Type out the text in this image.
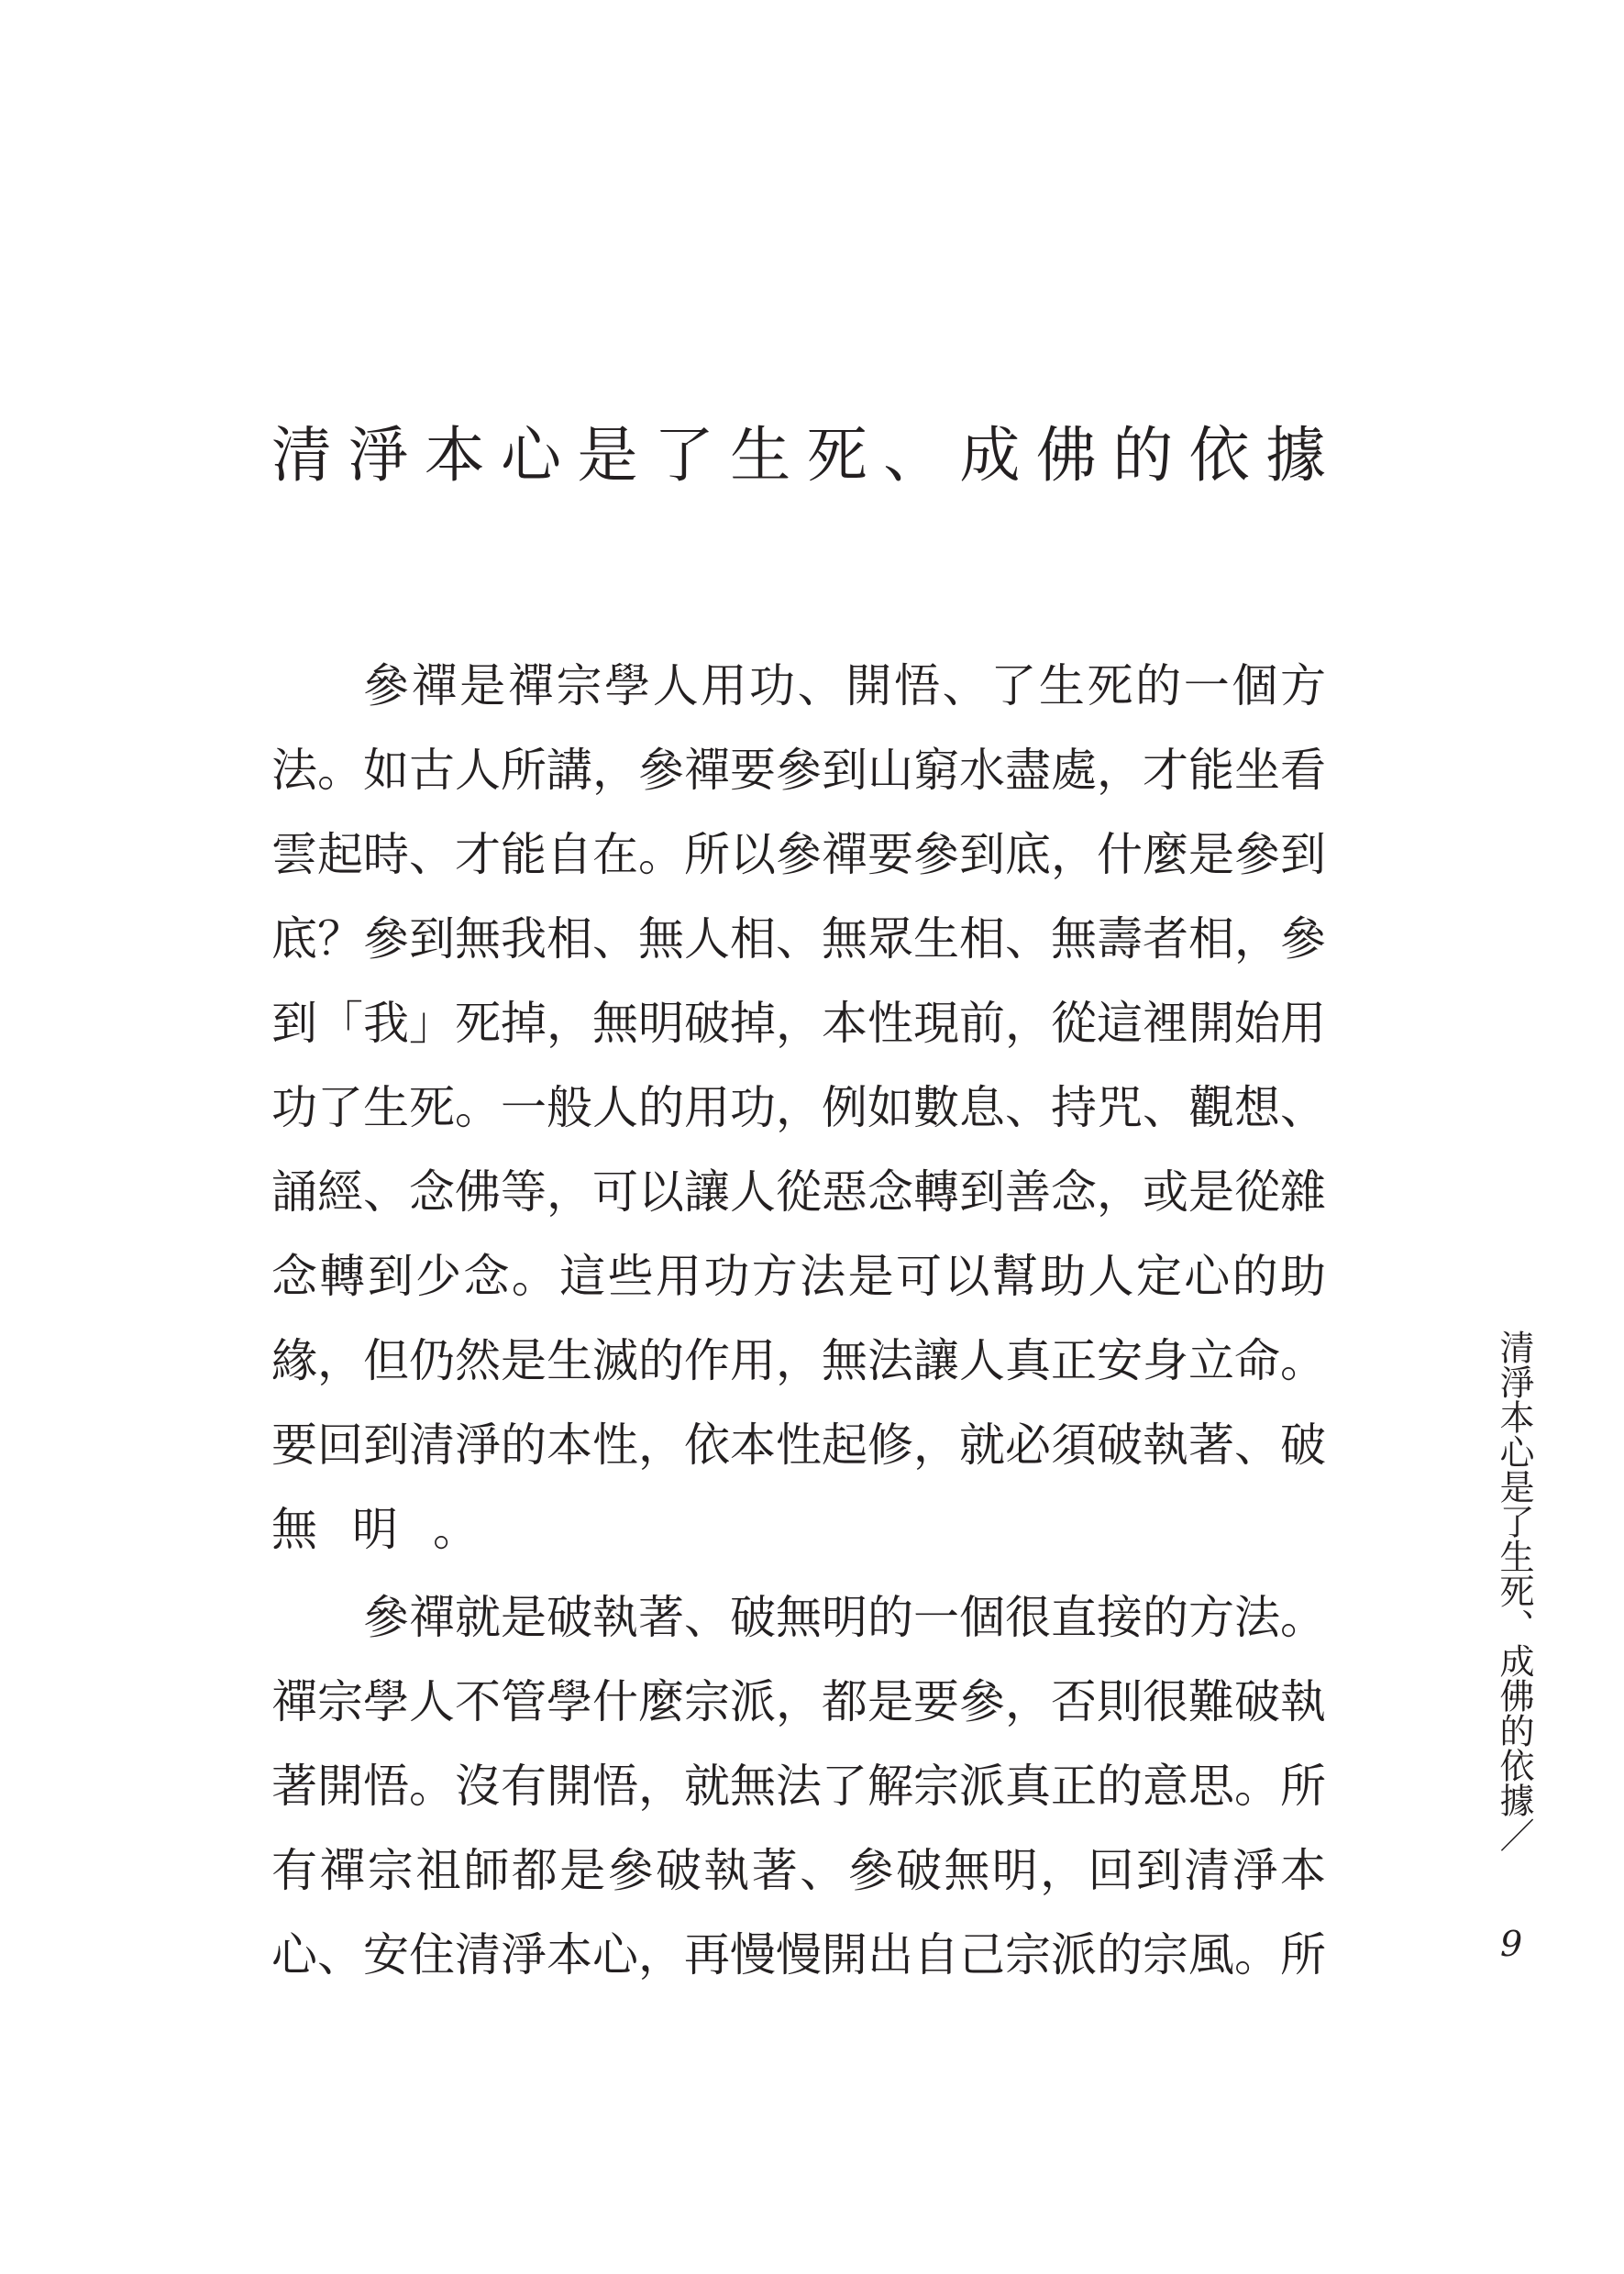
清淨本心是了生死、成佛的依據
參禪是禪宗學人用功、開悟、了生死的一個方
法。如古人所講，參禪要參到山窮水盡處，才能坐看
雲起時、才能自在。所以參禪要參到底，什麼是參到
底？參到無我相、無人相、無眾生相、無壽者相，參
到「我」死掉，無明破掉，本性現前，從這裡開始用
功了生死。一般人的用功，例如數息、持咒、觀想、
誦經、念佛等，可以讓人從惡念轉到善念，或是從雜
念轉到少念。這些用功方法是可以幫助人定心的助
緣，但仍然是生滅的作用，無法讓人真正安身立命。
要回到清淨的本性，依本性起修，就必須破執著、破
無明。
參禪就是破執著、破無明的一個很直接的方法。
禪宗學人不管學什麼宗派，都是要參，否則很難破執
著開悟。沒有開悟，就無法了解宗派真正的意思。所
有禪宗祖師都是參破執著、參破無明，回到清淨本
心、安住清淨本心，再慢慢開出自己宗派的宗風。所
清淨本心是了生死、成佛的依據／
9
